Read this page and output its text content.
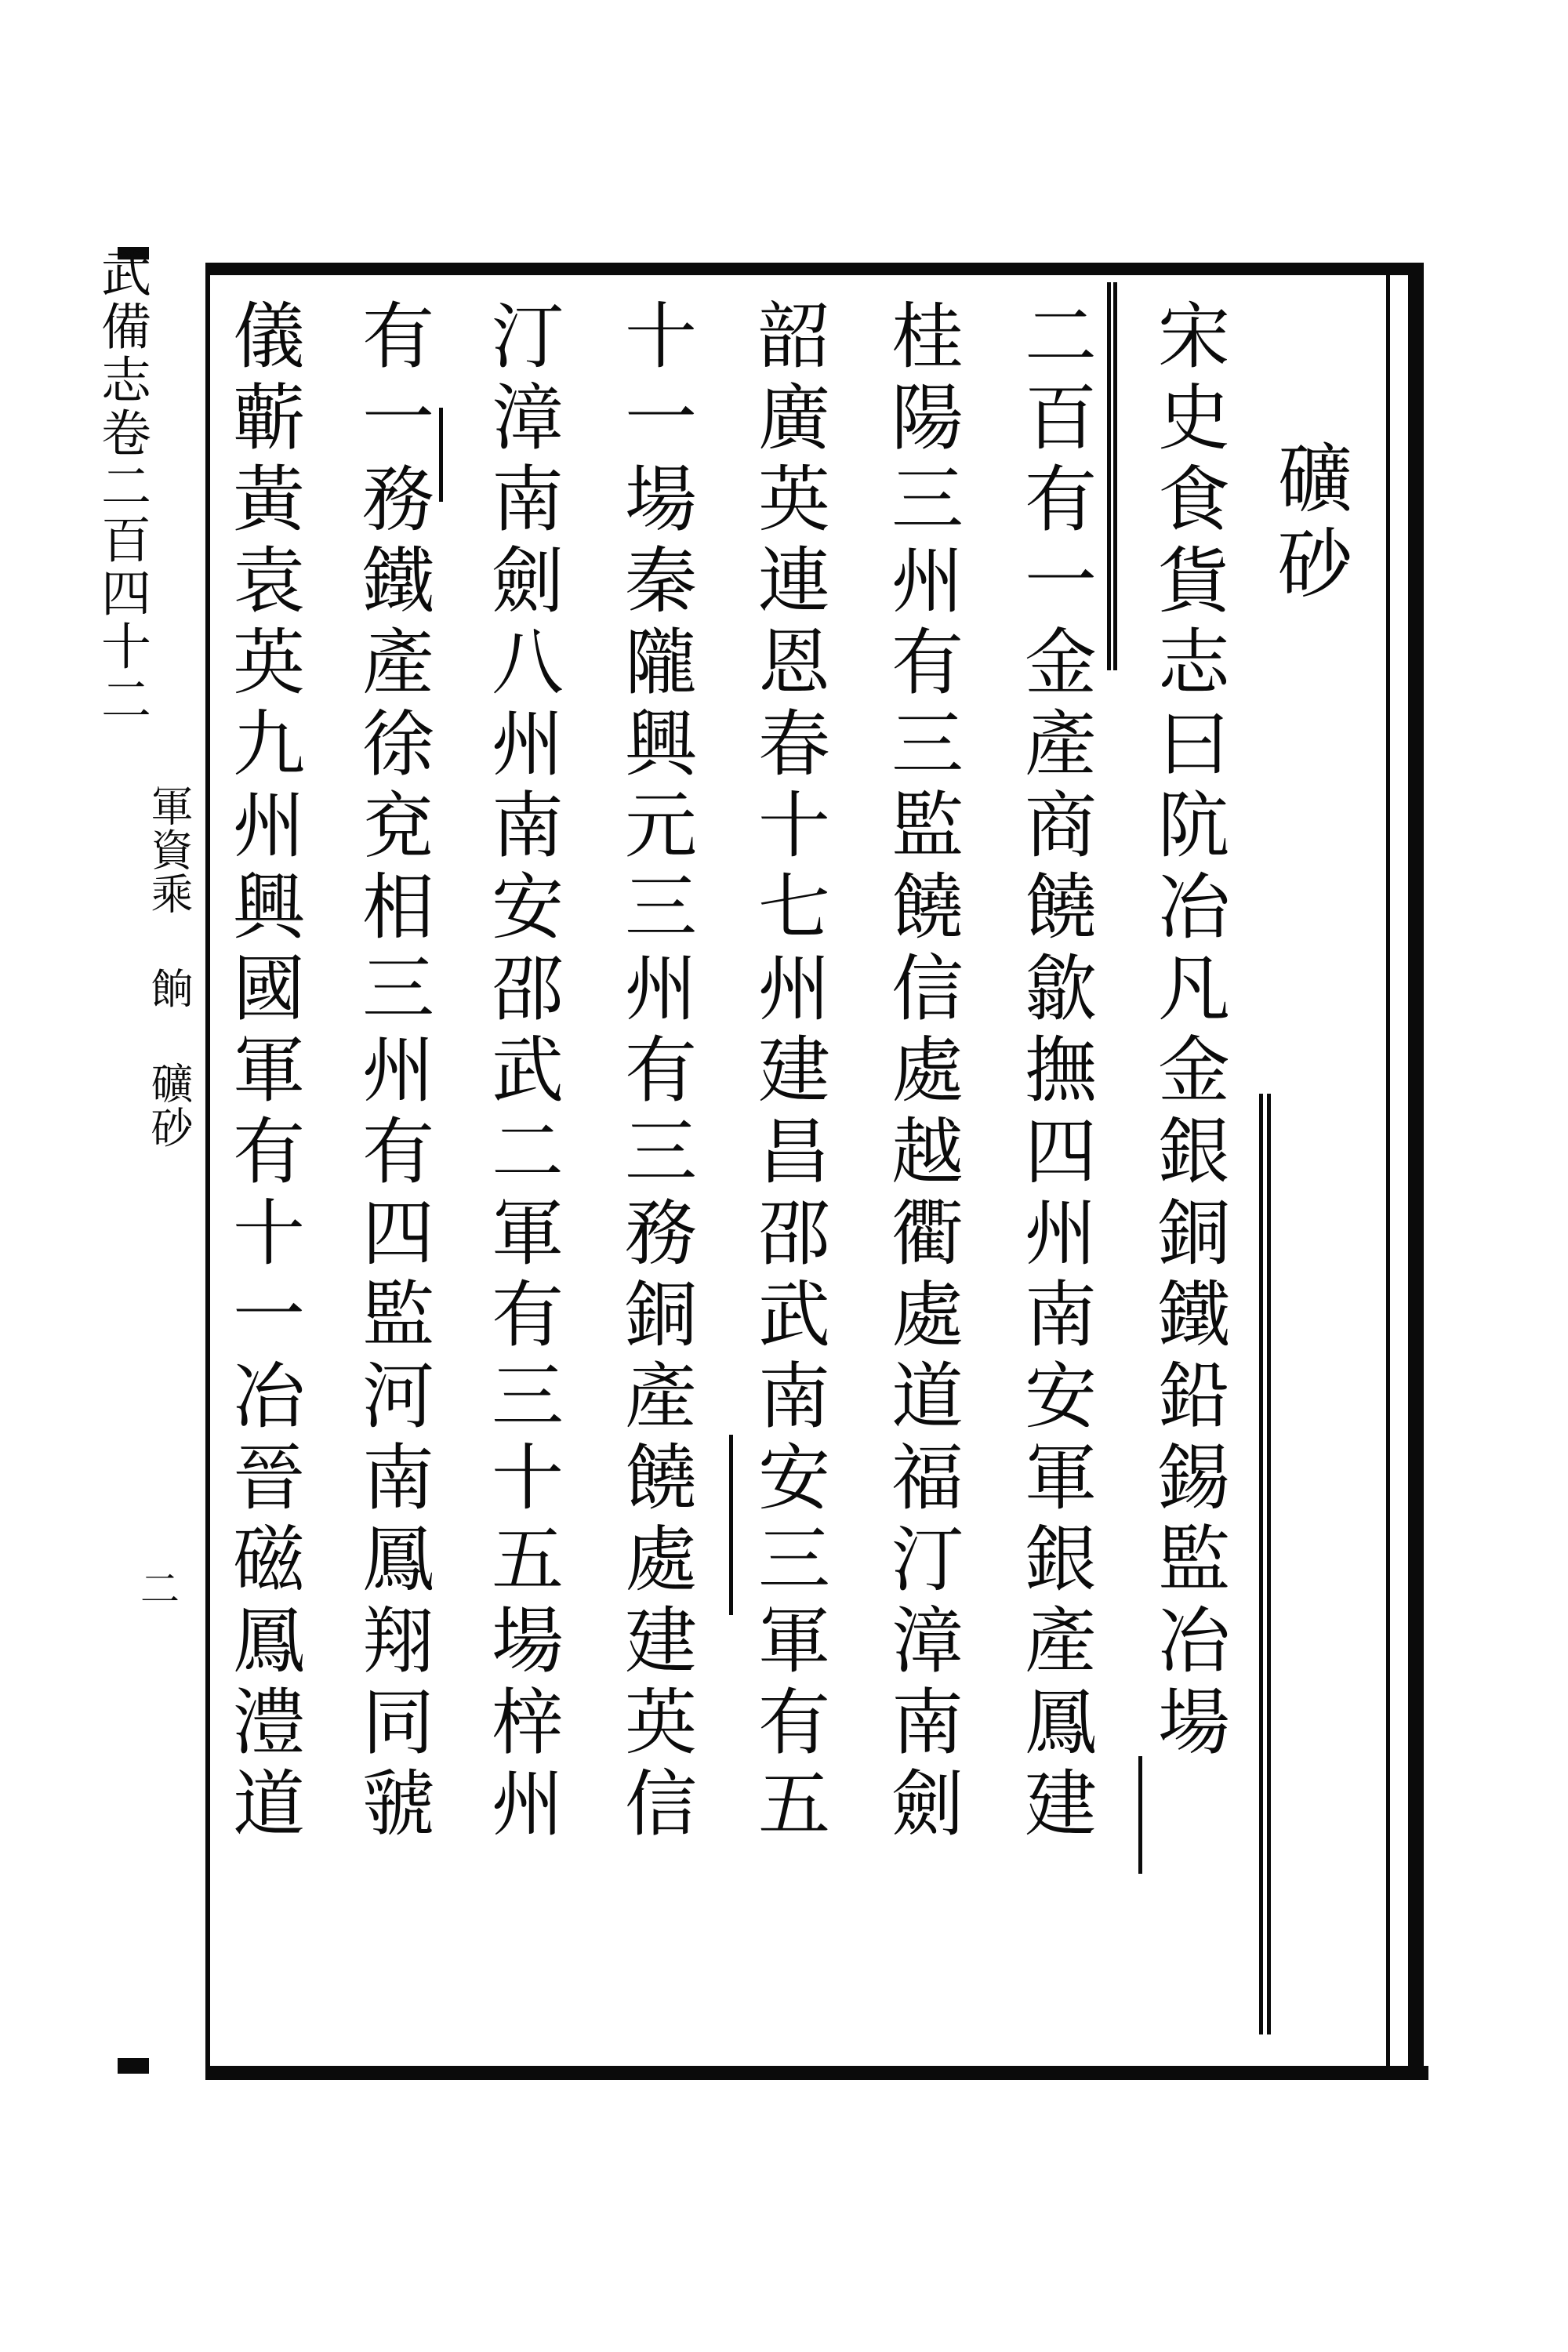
礦砂
宋史食貨志曰阬冶凡金銀銅鐵鉛錫監冶場
二百有一金產商饒歙撫四州南安軍銀產鳳建
桂陽三州有三監饒信處越衢處道福汀漳南劍
韶廣英連恩春十七州建昌邵武南安三軍有五
十一場秦隴興元三州有三務銅產饒處建英信
汀漳南劍八州南安邵武二軍有三十五場梓州
有一務鐵產徐兗相三州有四監河南鳳翔同虢
儀蘄黃袁英九州興國軍有十一冶晉磁鳳澧道
武備志卷二百四十二
軍資乘 餉 礦砂
二
